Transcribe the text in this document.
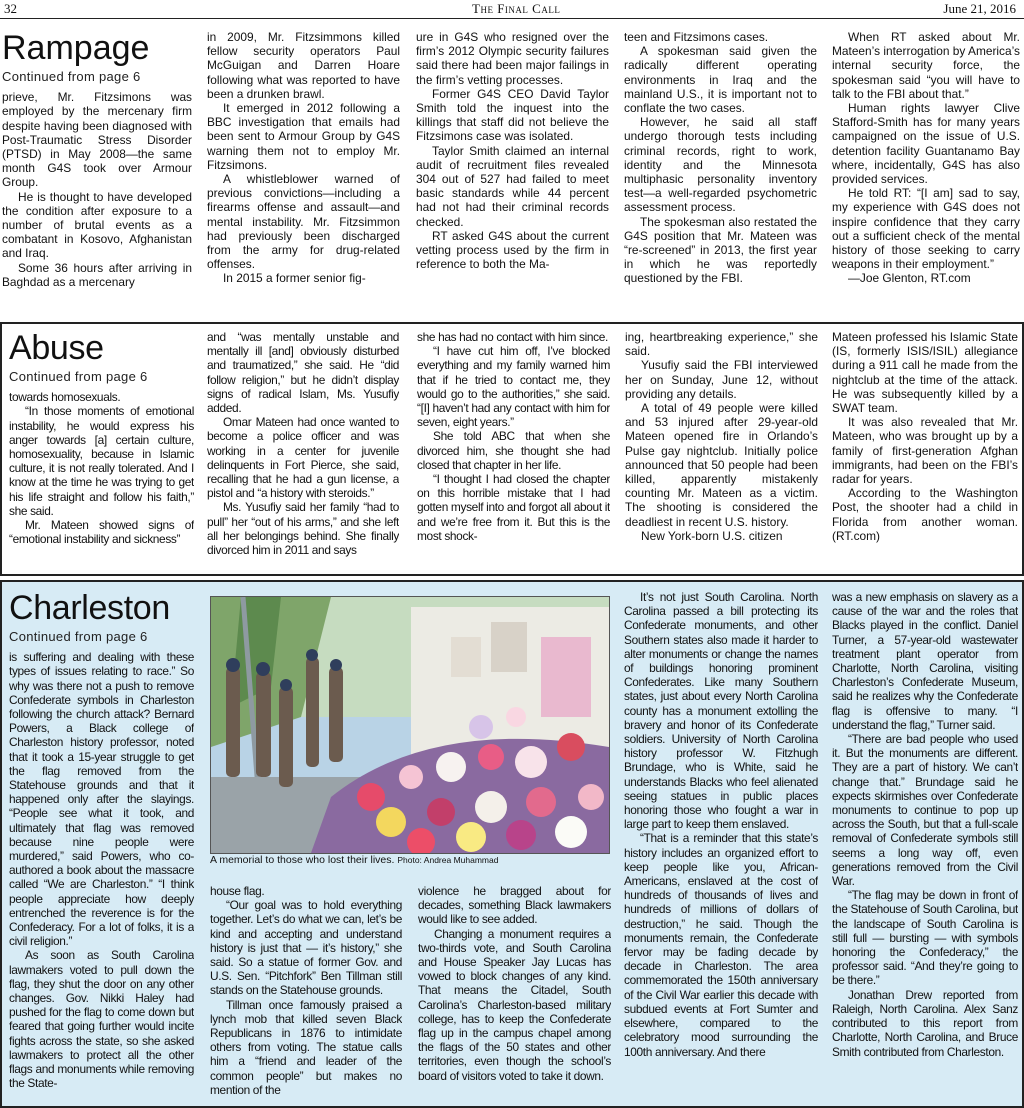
32	The Final Call	June 21, 2016
Rampage
Continued from page 6

prieve, Mr. Fitzsimons was employed by the mercenary firm despite having been diagnosed with Post-Traumatic Stress Disorder (PTSD) in May 2008—the same month G4S took over Armour Group.

He is thought to have developed the condition after exposure to a number of brutal events as a combatant in Kosovo, Afghanistan and Iraq.

Some 36 hours after arriving in Baghdad as a mercenary

in 2009, Mr. Fitzsimmons killed fellow security operators Paul McGuigan and Darren Hoare following what was reported to have been a drunken brawl.

It emerged in 2012 following a BBC investigation that emails had been sent to Armour Group by G4S warning them not to employ Mr. Fitzsimons.

A whistleblower warned of previous convictions—including a firearms offense and assault—and mental instability. Mr. Fitzsimmon had previously been discharged from the army for drug-related offenses.

In 2015 a former senior fig-

ure in G4S who resigned over the firm’s 2012 Olympic security failures said there had been major failings in the firm’s vetting processes.

Former G4S CEO David Taylor Smith told the inquest into the killings that staff did not believe the Fitzsimons case was isolated.

Taylor Smith claimed an internal audit of recruitment files revealed 304 out of 527 had failed to meet basic standards while 44 percent had not had their criminal records checked.

RT asked G4S about the current vetting process used by the firm in reference to both the Ma-

teen and Fitzsimons cases.

A spokesman said given the radically different operating environments in Iraq and the mainland U.S., it is important not to conflate the two cases.

However, he said all staff undergo thorough tests including criminal records, right to work, identity and the Minnesota multiphasic personality inventory test—a well-regarded psychometric assessment process.

The spokesman also restated the G4S position that Mr. Mateen was “re-screened” in 2013, the first year in which he was reportedly questioned by the FBI.

When RT asked about Mr. Mateen’s interrogation by America’s internal security force, the spokesman said “you will have to talk to the FBI about that.”

Human rights lawyer Clive Stafford-Smith has for many years campaigned on the issue of U.S. detention facility Guantanamo Bay where, incidentally, G4S has also provided services.

He told RT: “[I am] sad to say, my experience with G4S does not inspire confidence that they carry out a sufficient check of the mental history of those seeking to carry weapons in their employment.”

—Joe Glenton, RT.com

Abuse
Continued from page 6

towards homosexuals.

“In those moments of emotional instability, he would express his anger towards [a] certain culture, homosexuality, because in Islamic culture, it is not really tolerated. And I know at the time he was trying to get his life straight and follow his faith,” she said.

Mr. Mateen showed signs of “emotional instability and sickness”

and “was mentally unstable and mentally ill [and] obviously disturbed and traumatized,” she said. He “did follow religion,” but he didn’t display signs of radical Islam, Ms. Yusufiy added.

Omar Mateen had once wanted to become a police officer and was working in a center for juvenile delinquents in Fort Pierce, she said, recalling that he had a gun license, a pistol and “a history with steroids.”

Ms. Yusufiy said her family “had to pull” her “out of his arms,” and she left all her belongings behind. She finally divorced him in 2011 and says

she has had no contact with him since.

“I have cut him off, I’ve blocked everything and my family warned him that if he tried to contact me, they would go to the authorities,” she said. “[I] haven’t had any contact with him for seven, eight years.”

She told ABC that when she divorced him, she thought she had closed that chapter in her life.

“I thought I had closed the chapter on this horrible mistake that I had gotten myself into and forgot all about it and we’re free from it. But this is the most shock-

ing, heartbreaking experience,” she said.

Yusufiy said the FBI interviewed her on Sunday, June 12, without providing any details.

A total of 49 people were killed and 53 injured after 29-year-old Mateen opened fire in Orlando’s Pulse gay nightclub. Initially police announced that 50 people had been killed, apparently mistakenly counting Mr. Mateen as a victim. The shooting is considered the deadliest in recent U.S. history.

New York-born U.S. citizen

Mateen professed his Islamic State (IS, formerly ISIS/ISIL) allegiance during a 911 call he made from the nightclub at the time of the attack. He was subsequently killed by a SWAT team.

It was also revealed that Mr. Mateen, who was brought up by a family of first-generation Afghan immigrants, had been on the FBI’s radar for years.

According to the Washington Post, the shooter had a child in Florida from another woman. (RT.com)

Charleston
Continued from page 6

is suffering and dealing with these types of issues relating to race.” So why was there not a push to remove Confederate symbols in Charleston following the church attack? Bernard Powers, a Black college of Charleston history professor, noted that it took a 15-year struggle to get the flag removed from the Statehouse grounds and that it happened only after the slayings. “People see what it took, and ultimately that flag was removed because nine people were murdered,” said Powers, who co-authored a book about the massacre called “We are Charleston.” “I think people appreciate how deeply entrenched the reverence is for the Confederacy. For a lot of folks, it is a civil religion.”

As soon as South Carolina lawmakers voted to pull down the flag, they shut the door on any other changes. Gov. Nikki Haley had pushed for the flag to come down but feared that going further would incite fights across the state, so she asked lawmakers to protect all the other flags and monuments while removing the State-

A memorial to those who lost their lives. Photo: Andrea Muhammad

house flag.

“Our goal was to hold everything together. Let’s do what we can, let’s be kind and accepting and understand history is just that — it’s history,” she said. So a statue of former Gov. and U.S. Sen. “Pitchfork” Ben Tillman still stands on the Statehouse grounds.

Tillman once famously praised a lynch mob that killed seven Black Republicans in 1876 to intimidate others from voting. The statue calls him a “friend and leader of the common people” but makes no mention of the

violence he bragged about for decades, something Black lawmakers would like to see added.

Changing a monument requires a two-thirds vote, and South Carolina and House Speaker Jay Lucas has vowed to block changes of any kind. That means the Citadel, South Carolina’s Charleston-based military college, has to keep the Confederate flag up in the campus chapel among the flags of the 50 states and other territories, even though the school’s board of visitors voted to take it down.

It’s not just South Carolina. North Carolina passed a bill protecting its Confederate monuments, and other Southern states also made it harder to alter monuments or change the names of buildings honoring prominent Confederates. Like many Southern states, just about every North Carolina county has a monument extolling the bravery and honor of its Confederate soldiers. University of North Carolina history professor W. Fitzhugh Brundage, who is White, said he understands Blacks who feel alienated seeing statues in public places honoring those who fought a war in large part to keep them enslaved.

“That is a reminder that this state’s history includes an organized effort to keep people like you, African-Americans, enslaved at the cost of hundreds of thousands of lives and hundreds of millions of dollars of destruction,” he said. Though the monuments remain, the Confederate fervor may be fading decade by decade in Charleston. The area commemorated the 150th anniversary of the Civil War earlier this decade with subdued events at Fort Sumter and elsewhere, compared to the celebratory mood surrounding the 100th anniversary. And there

was a new emphasis on slavery as a cause of the war and the roles that Blacks played in the conflict. Daniel Turner, a 57-year-old wastewater treatment plant operator from Charlotte, North Carolina, visiting Charleston’s Confederate Museum, said he realizes why the Confederate flag is offensive to many. “I understand the flag,” Turner said.

“There are bad people who used it. But the monuments are different. They are a part of history. We can’t change that.” Brundage said he expects skirmishes over Confederate monuments to continue to pop up across the South, but that a full-scale removal of Confederate symbols still seems a long way off, even generations removed from the Civil War.

“The flag may be down in front of the Statehouse of South Carolina, but the landscape of South Carolina is still full — bursting — with symbols honoring the Confederacy,” the professor said. “And they’re going to be there.”

Jonathan Drew reported from Raleigh, North Carolina. Alex Sanz contributed to this report from Charlotte, North Carolina, and Bruce Smith contributed from Charleston.
